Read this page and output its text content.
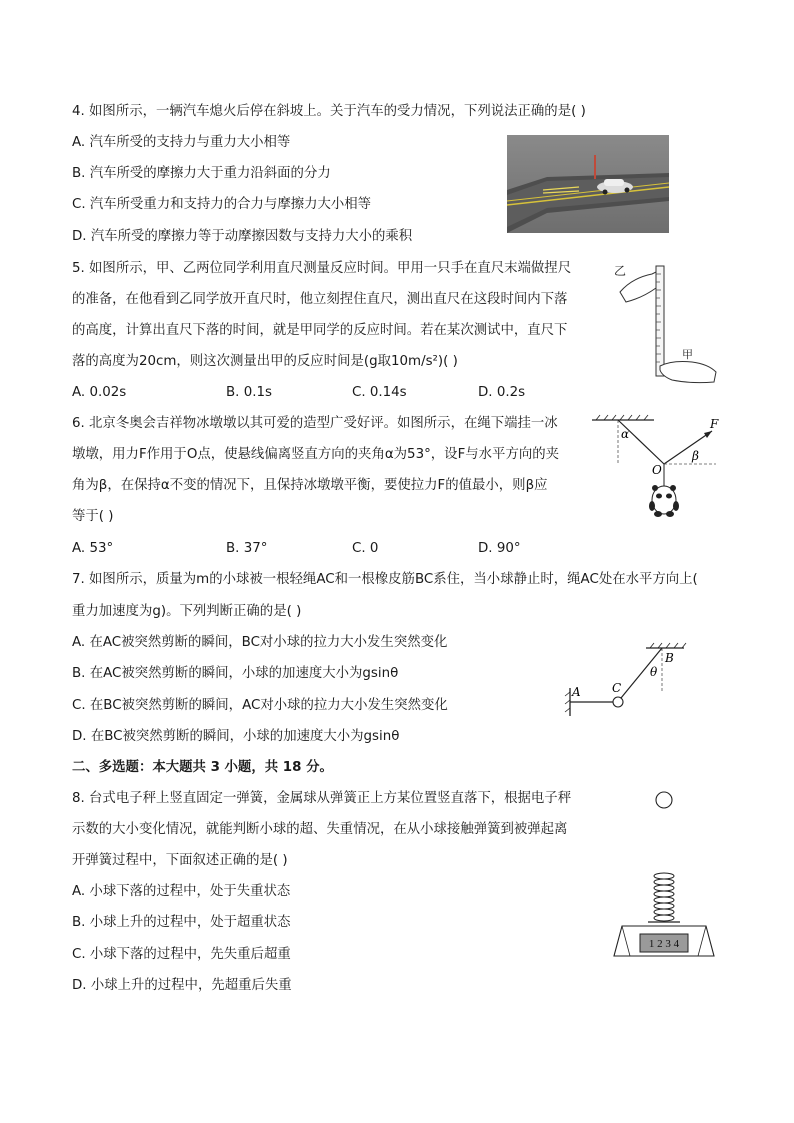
4. 如图所示，一辆汽车熄火后停在斜坡上。关于汽车的受力情况，下列说法正确的是( )
A. 汽车所受的支持力与重力大小相等
B. 汽车所受的摩擦力大于重力沿斜面的分力
C. 汽车所受重力和支持力的合力与摩擦力大小相等
D. 汽车所受的摩擦力等于动摩擦因数与支持力大小的乘积
5. 如图所示，甲、乙两位同学利用直尺测量反应时间。甲用一只手在直尺末端做捏尺
的准备，在他看到乙同学放开直尺时，他立刻捏住直尺，测出直尺在这段时间内下落
的高度，计算出直尺下落的时间，就是甲同学的反应时间。若在某次测试中，直尺下
落的高度为20cm，则这次测量出甲的反应时间是(g取10m/s²)( )
A. 0.02s	B. 0.1s	C. 0.14s	D. 0.2s
乙
甲
6. 北京冬奥会吉祥物冰墩墩以其可爱的造型广受好评。如图所示，在绳下端挂一冰
墩墩，用力F作用于O点，使悬线偏离竖直方向的夹角α为53°，设F与水平方向的夹
角为β，在保持α不变的情况下，且保持冰墩墩平衡，要使拉力F的值最小，则β应
等于( )
A. 53°	B. 37°	C. 0	D. 90°
α
F
β
O
7. 如图所示，质量为m的小球被一根轻绳AC和一根橡皮筋BC系住，当小球静止时，绳AC处在水平方向上(
重力加速度为g)。下列判断正确的是( )
A. 在AC被突然剪断的瞬间，BC对小球的拉力大小发生突然变化
B. 在AC被突然剪断的瞬间，小球的加速度大小为gsinθ
C. 在BC被突然剪断的瞬间，AC对小球的拉力大小发生突然变化
D. 在BC被突然剪断的瞬间，小球的加速度大小为gsinθ
B
θ
A	C
二、多选题：本大题共 3 小题，共 18 分。
8. 台式电子秤上竖直固定一弹簧，金属球从弹簧正上方某位置竖直落下，根据电子秤
示数的大小变化情况，就能判断小球的超、失重情况，在从小球接触弹簧到被弹起离
开弹簧过程中，下面叙述正确的是( )
A. 小球下落的过程中，处于失重状态
B. 小球上升的过程中，处于超重状态
C. 小球下落的过程中，先失重后超重
D. 小球上升的过程中，先超重后失重
1 2 3 4
